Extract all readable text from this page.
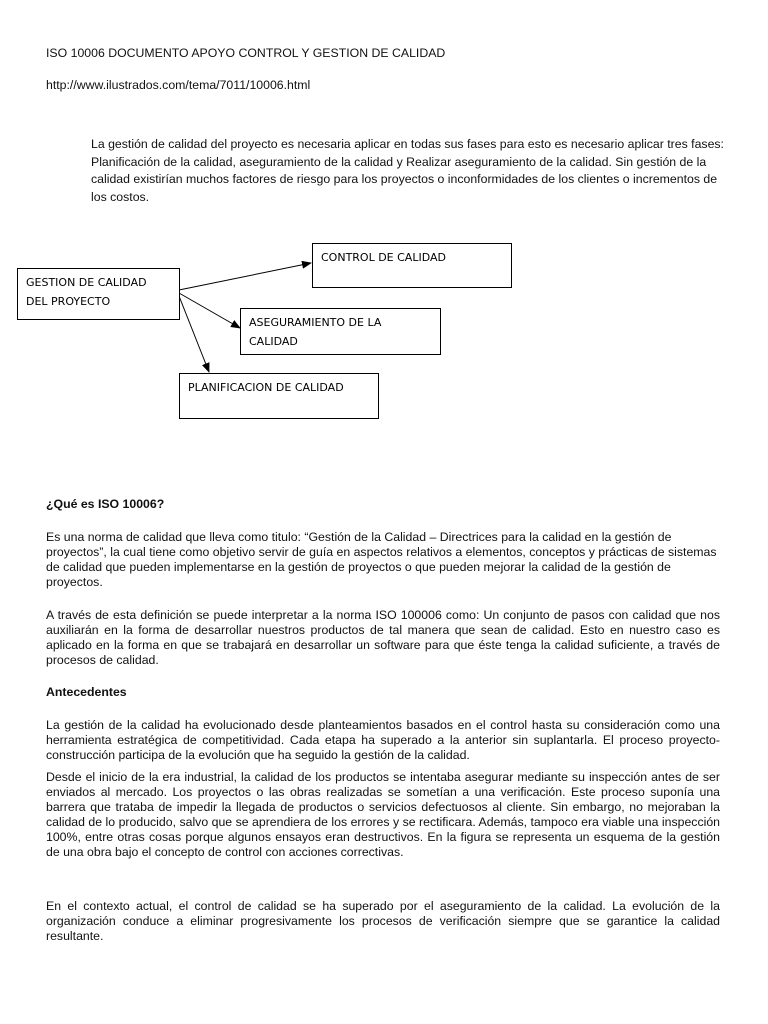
ISO 10006 DOCUMENTO APOYO CONTROL Y GESTION DE CALIDAD
http://www.ilustrados.com/tema/7011/10006.html
La gestión de calidad del proyecto es necesaria aplicar en todas sus fases para esto es necesario aplicar tres fases: Planificación de la calidad, aseguramiento de la calidad y Realizar aseguramiento de la calidad. Sin gestión de la calidad existirían muchos factores de riesgo para los proyectos o inconformidades de los clientes o incrementos de los costos.
GESTION DE CALIDAD DEL PROYECTO
CONTROL DE CALIDAD
ASEGURAMIENTO DE LA CALIDAD
PLANIFICACION DE CALIDAD
¿Qué es ISO 10006?
Es una norma de calidad que lleva como titulo: “Gestión de la Calidad – Directrices para la calidad en la gestión de proyectos”, la cual tiene como objetivo servir de guía en aspectos relativos a elementos, conceptos y prácticas de sistemas de calidad que pueden implementarse en la gestión de proyectos o que pueden mejorar la calidad de la gestión de proyectos.
A través de esta definición se puede interpretar a la norma ISO 100006 como: Un conjunto de pasos con calidad que nos auxiliarán en la forma de desarrollar nuestros productos de tal manera que sean de calidad. Esto en nuestro caso es aplicado en la forma en que se trabajará en desarrollar un software para que éste tenga la calidad suficiente, a través de procesos de calidad.
Antecedentes
La gestión de la calidad ha evolucionado desde planteamientos basados en el control hasta su consideración como una herramienta estratégica de competitividad. Cada etapa ha superado a la anterior sin suplantarla. El proceso proyecto-construcción participa de la evolución que ha seguido la gestión de la calidad.
Desde el inicio de la era industrial, la calidad de los productos se intentaba asegurar mediante su inspección antes de ser enviados al mercado. Los proyectos o las obras realizadas se sometían a una verificación. Este proceso suponía una barrera que trataba de impedir la llegada de productos o servicios defectuosos al cliente. Sin embargo, no mejoraban la calidad de lo producido, salvo que se aprendiera de los errores y se rectificara. Además, tampoco era viable una inspección 100%, entre otras cosas porque algunos ensayos eran destructivos. En la figura se representa un esquema de la gestión de una obra bajo el concepto de control con acciones correctivas.
En el contexto actual, el control de calidad se ha superado por el aseguramiento de la calidad. La evolución de la organización conduce a eliminar progresivamente los procesos de verificación siempre que se garantice la calidad resultante.
